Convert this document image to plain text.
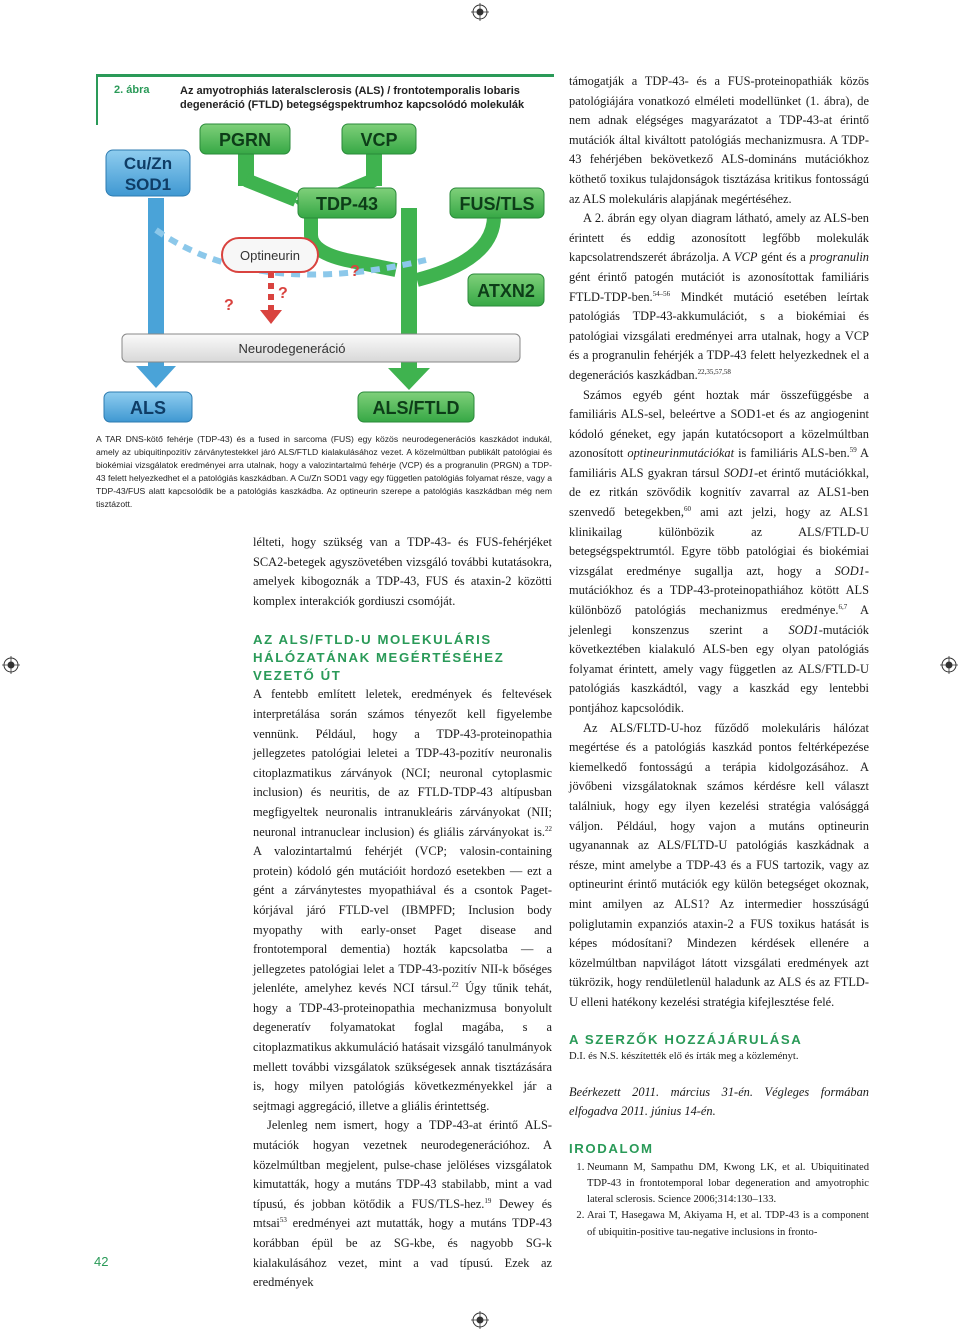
2. ábra	Az amyotrophiás lateralsclerosis (ALS) / frontotemporalis lobaris degeneráció (FTLD) betegségspektrumhoz kapcsolódó molekulák
Cu/Zn
SOD1
PGRN	VCP
TDP-43	FUS/TLS
Optineurin
ATXN2
?
?
?
Neurodegeneráció
ALS	ALS/FTLD
A TAR DNS-kötő fehérje (TDP-43) és a fused in sarcoma (FUS) egy közös neurodegenerációs kaszkádot indukál, amely az ubiquitinpozitív zárványtestekkel járó ALS/FTLD kialakulásához vezet. A közelmúltban publikált patológiai és biokémiai vizsgálatok eredményei arra utalnak, hogy a valozintartalmú fehérje (VCP) és a progranulin (PRGN) a TDP-43 felett helyezkedhet el a patológiás kaszkádban. A Cu/Zn SOD1 vagy egy független patológiás folyamat része, vagy a TDP-43/FUS alatt kapcsolódik be a patológiás kaszkádba. Az optineurin szerepe a patológiás kaszkádban még nem tisztázott.

lélteti, hogy szükség van a TDP-43- és FUS-fehérjéket SCA2-betegek agyszövetében vizsgáló további kutatásokra, amelyek kibogoznák a TDP-43, FUS és ataxin-2 közötti komplex interakciók gordiuszi csomóját.

AZ ALS/FTLD-U MOLEKULÁRIS HÁLÓZATÁNAK MEGÉRTÉSÉHEZ VEZETŐ ÚT

A fentebb említett leletek, eredmények és feltevések interpretálása során számos tényezőt kell figyelembe vennünk. Például, hogy a TDP-43-proteinopathia jellegzetes patológiai leletei a TDP-43-pozitív neuronalis citoplazmatikus zárványok (NCI; neuronal cytoplasmic inclusion) és neuritis, de az FTLD-TDP-43 altípusban megfigyeltek neuronalis intranukleáris zárványokat (NII; neuronal intranuclear inclusion) és gliális zárványokat is.$^{22}$ A valozintartalmú fehérjét (VCP; valosin-containing protein) kódoló gén mutációit hordozó esetekben — ezt a gént a zárványtestes myopathiával és a csontok Paget-kórjával járó FTLD-vel (IBMPFD; Inclusion body myopathy with early-onset Paget disease and frontotemporal dementia) hozták kapcsolatba — a jellegzetes patológiai lelet a TDP-43-pozitív NII-k bőséges jelenléte, amelyhez kevés NCI társul.$^{22}$ Úgy tűnik tehát, hogy a TDP-43-proteinopathia mechanizmusa bonyolult degeneratív folyamatokat foglal magába, s a citoplazmatikus akkumuláció hatásait vizsgáló tanulmányok mellett további vizsgálatok szükségesek annak tisztázására is, hogy milyen patológiás következményekkel jár a sejtmagi aggregáció, illetve a gliális érintettség.

Jelenleg nem ismert, hogy a TDP-43-at érintő ALS-mutációk hogyan vezetnek neurodegenerációhoz. A közelmúltban megjelent, pulse-chase jelöléses vizsgálatok kimutatták, hogy a mutáns TDP-43 stabilabb, mint a vad típusú, és jobban kötődik a FUS/TLS-hez.$^{19}$ Dewey és mtsai$^{53}$ eredményei azt mutatták, hogy a mutáns TDP-43 korábban épül be az SG-kbe, és nagyobb SG-k kialakulásához vezet, mint a vad típusú. Ezek az eredmények

támogatják a TDP-43- és a FUS-proteinopathiák közös patológiájára vonatkozó elméleti modellünket (1. ábra), de nem adnak elégséges magyarázatot a TDP-43-at érintő mutációk által kiváltott patológiás mechanizmusra. A TDP-43 fehérjében bekövetkező ALS-domináns mutációkhoz köthető toxikus tulajdonságok tisztázása kritikus fontosságú az ALS molekuláris alapjának megértéséhez.

A 2. ábrán egy olyan diagram látható, amely az ALS-ben érintett és eddig azonosított legfőbb molekulák kapcsolatrendszerét ábrázolja. A VCP gént és a progranulin gént érintő patogén mutációt is azonosítottak familiáris FTLD-TDP-ben.$^{54-56}$ Mindkét mutáció esetében leírtak patológiás TDP-43-akkumulációt, s a biokémiai és patológiai vizsgálati eredményei arra utalnak, hogy a VCP és a progranulin fehérjék a TDP-43 felett helyezkednek el a degenerációs kaszkádban.$^{22,35,57,58}$

Számos egyéb gént hoztak már összefüggésbe a familiáris ALS-sel, beleértve a SOD1-et és az angiogenint kódoló géneket, egy japán kutatócsoport a közelmúltban azonosított optineurinmutációkat is familiáris ALS-ben.$^{59}$ A familiáris ALS gyakran társul SOD1-et érintő mutációkkal, de ez ritkán szövődik kognitív zavarral az ALS1-ben szenvedő betegekben,$^{60}$ ami azt jelzi, hogy az ALS1 klinikailag különbözik az ALS/FTLD-U betegségspektrumtól. Egyre több patológiai és biokémiai vizsgálat eredménye sugallja azt, hogy a SOD1-mutációkhoz és a TDP-43-proteinopathiához kötött ALS különböző patológiás mechanizmus eredménye.$^{6,7}$ A jelenlegi konszenzus szerint a SOD1-mutációk következtében kialakuló ALS-ben egy olyan patológiás folyamat érintett, amely vagy független az ALS/FTLD-U patológiás kaszkádtól, vagy a kaszkád egy lentebbi pontjához kapcsolódik.

Az ALS/FLTD-U-hoz fűződő molekuláris hálózat megértése és a patológiás kaszkád pontos feltérképezése kiemelkedő fontosságú a terápia kidolgozásához. A jövőbeni vizsgálatoknak számos kérdésre kell választ találniuk, hogy egy ilyen kezelési stratégia valósággá váljon. Például, hogy vajon a mutáns optineurin ugyanannak az ALS/FLTD-U patológiás kaszkádnak a része, mint amelybe a TDP-43 és a FUS tartozik, vagy az optineurint érintő mutációk egy külön betegséget okoznak, mint amilyen az ALS1? Az intermedier hosszúságú poliglutamin expanziós ataxin-2 a FUS toxikus hatását is képes módosítani? Mindezen kérdések ellenére a közelmúltban napvilágot látott vizsgálati eredmények azt tükrözik, hogy rendületlenül haladunk az ALS és az FTLD-U elleni hatékony kezelési stratégia kifejlesztése felé.

A SZERZŐK HOZZÁJÁRULÁSA

D.I. és N.S. készítették elő és írták meg a közleményt.

Beérkezett 2011. március 31-én. Végleges formában elfogadva 2011. június 14-én.

IRODALOM
1. Neumann M, Sampathu DM, Kwong LK, et al. Ubiquitinated TDP-43 in frontotemporal lobar degeneration and amyotrophic lateral sclerosis. Science 2006;314:130–133.
2. Arai T, Hasegawa M, Akiyama H, et al. TDP-43 is a component of ubiquitin-positive tau-negative inclusions in fronto-
42
